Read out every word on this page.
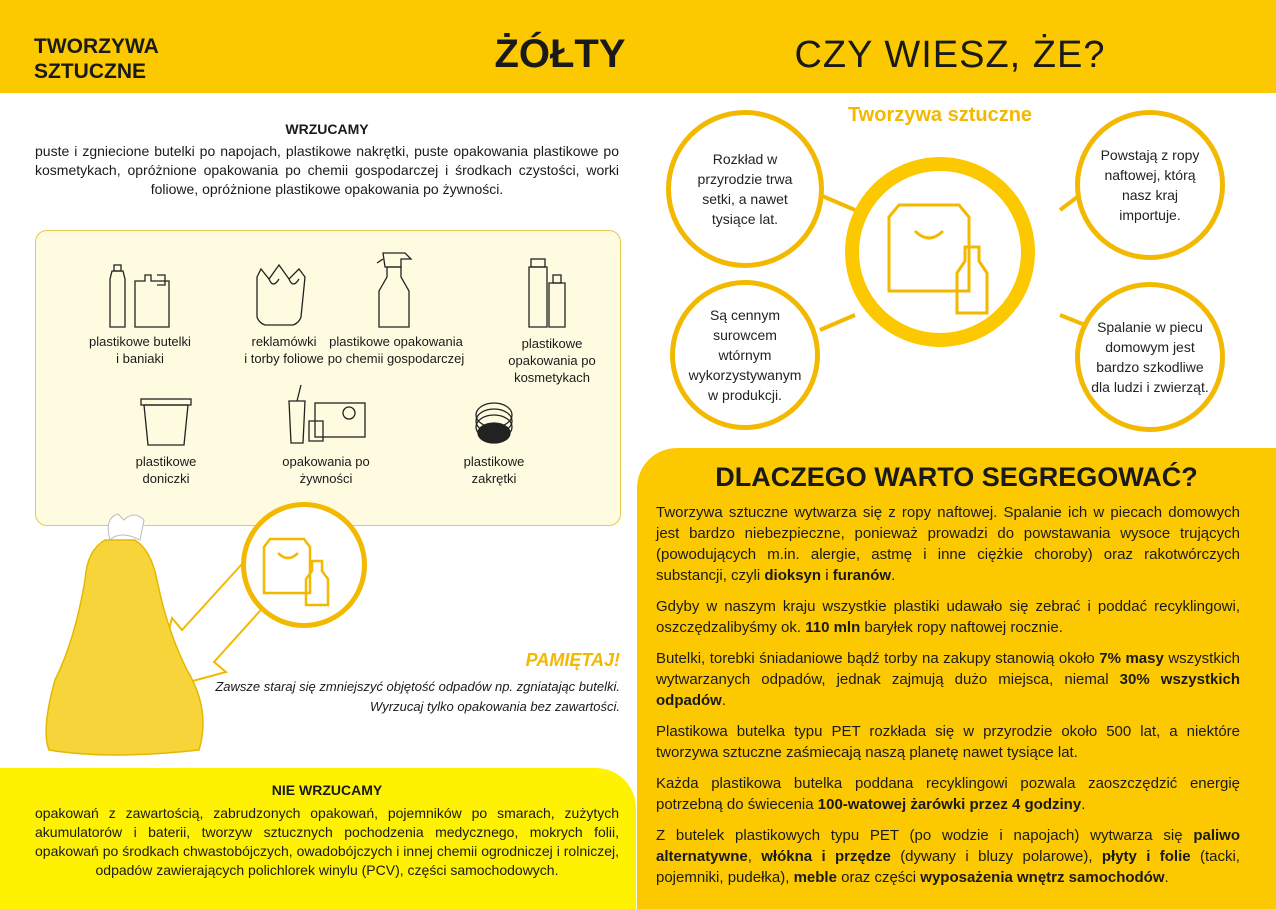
TWORZYWA
SZTUCZNE	ŻÓŁTY	CZY WIESZ, ŻE?
WRZUCAMY
puste i zgniecione butelki po napojach, plastikowe nakrętki, puste opakowania plastikowe po kosmetykach, opróżnione opakowania po chemii gospodarczej i środkach czystości, worki foliowe, opróżnione plastikowe opakowania po żywności.
plastikowe butelki
i baniaki
reklamówki
i torby foliowe
plastikowe opakowania
po chemii gospodarczej
plastikowe
opakowania po
kosmetykach
plastikowe
doniczki
opakowania po
żywności
plastikowe
zakrętki
PAMIĘTAJ!
Zawsze staraj się zmniejszyć objętość odpadów np. zgniatając butelki.
Wyrzucaj tylko opakowania bez zawartości.
NIE WRZUCAMY
opakowań z zawartością, zabrudzonych opakowań, pojemników po smarach, zużytych akumulatorów i baterii, tworzyw sztucznych pochodzenia medycznego, mokrych folii, opakowań po środkach chwastobójczych, owadobójczych i innej chemii ogrodniczej i rolniczej, odpadów zawierających polichlorek winylu (PCV), części samochodowych.
Tworzywa sztuczne
Rozkład w przyrodzie trwa setki, a nawet tysiące lat.
Powstają z ropy naftowej, którą nasz kraj importuje.
Są cennym surowcem wtórnym wykorzystywanym w produkcji.
Spalanie w piecu domowym jest bardzo szkodliwe dla ludzi i zwierząt.
DLACZEGO WARTO SEGREGOWAĆ?

Tworzywa sztuczne wytwarza się z ropy naftowej. Spalanie ich w piecach domowych jest bardzo niebezpieczne, ponieważ prowadzi do powstawania wysoce trujących (powodujących m.in. alergie, astmę i inne ciężkie choroby) oraz rakotwórczych substancji, czyli dioksyn i furanów.

Gdyby w naszym kraju wszystkie plastiki udawało się zebrać i poddać recyklingowi, oszczędzalibyśmy ok. 110 mln baryłek ropy naftowej rocznie.

Butelki, torebki śniadaniowe bądź torby na zakupy stanowią około 7% masy wszystkich wytwarzanych odpadów, jednak zajmują dużo miejsca, niemal 30% wszystkich odpadów.

Plastikowa butelka typu PET rozkłada się w przyrodzie około 500 lat, a niektóre tworzywa sztuczne zaśmiecają naszą planetę nawet tysiące lat.

Każda plastikowa butelka poddana recyklingowi pozwala zaoszczędzić energię potrzebną do świecenia 100-watowej żarówki przez 4 godziny.

Z butelek plastikowych typu PET (po wodzie i napojach) wytwarza się paliwo alternatywne, włókna i przędze (dywany i bluzy polarowe), płyty i folie (tacki, pojemniki, pudełka), meble oraz części wyposażenia wnętrz samochodów.
